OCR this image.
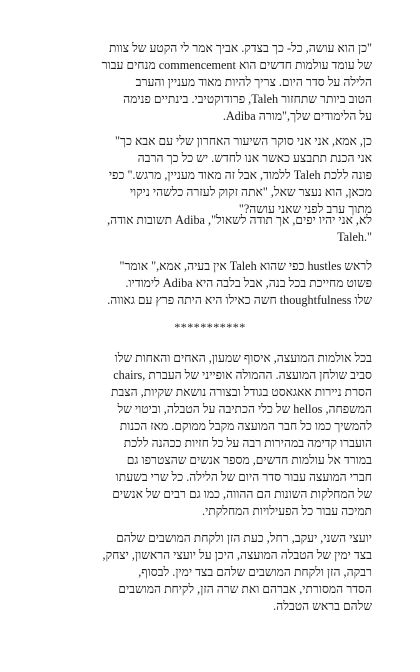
"כן הוא עושה, כל- כך בצדק. אביך אמר לי הקטע של צוות
של עומד עולמות חדשים הוא commencement מנחים עבור
הלילה על סדר היום. צריך להיות מאוד מעניין והערב
הטוב ביותר שתחזור Taleh, פרודוקטיבי. בינתיים פנימה
על הלימודים שלך,"מורה Adiba.

כן, אמא, אני אני סוקר השיעור האחרון שלי עם אבא כך"
אני הכנת תתבצע כאשר אנו לחדש. יש כל כך הרבה
פונה ללכת Taleh ללמוד, אבל זה מאוד מעניין, מרגש." כפי
מכאן, הוא נעצר שאל, "אתה זקוק לעזרה כלשהי ניקוי
מתוך ערב לפני שאני עושה?"

לא, אני יהיו יפים, אך תודה לשאול", Adiba תשובות אודה,
Taleh."

לראש hustles כפי שהוא Taleh אין בעיה, אמא," אומר"
פשוט מחייכת בכל בנה, אבל בלבה היא Adiba לימודיו.
שלו thoughtfulness חשה כאילו היא היתה פרץ עם גאווה.

***********

בכל אולמות המועצה, איסוף שמעון, האחים והאחות שלו
chairs, סביב שולחן המועצה. ההמולה אופייני של העברת
הסרת ניירות אאגאסט בגודל ובצורה נושאת שקיות, הצבת
המשפחה, hellos של כלי הכתיבה על הטבלה, וביטוי של
להמשיך כמו כל חבר המועצה מקבל ממוקם. מאז הכנות
הועברו קדימה במהירות רבה על כל חזיות ככהנה ללכת
במורד אל עולמות חדשים, מספר אנשים שהצטרפו גם
חברי המועצה עבור סדר היום של הלילה. כל שרי בשעתו
של המחלקות השונות הם ההווה, כמו גם רבים של אנשים
תמיכה עבור כל הפעילויות המחלקתי.

יועצי השני, יעקב, רחל, כעת הזן ולקחת המושבים שלהם
בצד ימין של הטבלה המועצה, היכן על יועצי הראשון, יצחק,
רבקה, הזן ולקחת המושבים שלהם בצד ימין. לבסוף,
הסדר המסורתי, אברהם ואת שרה הזן, לקיחת המושבים
שלהם בראש הטבלה.
